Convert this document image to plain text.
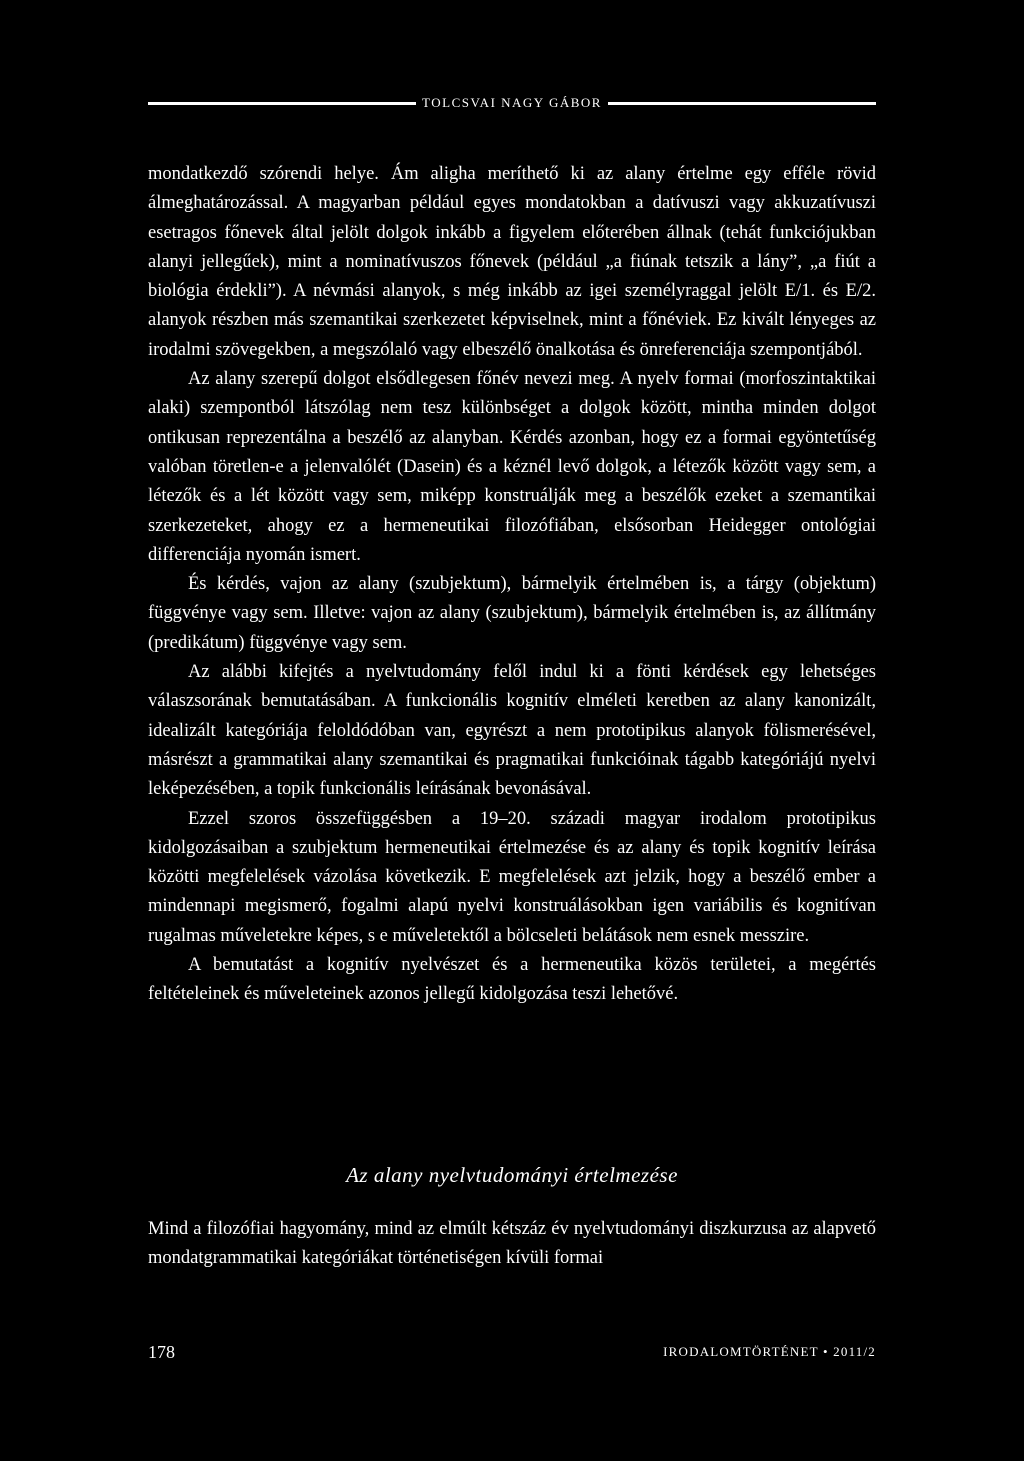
TOLCSVAI NAGY GÁBOR

mondatkezdő szórendi helye. Ám aligha meríthető ki az alany értelme egy efféle rövid álmeghatározással. A magyarban például egyes mondatokban a datívuszi vagy akkuzatívuszi esetragos főnevek által jelölt dolgok inkább a figyelem előterében állnak (tehát funkciójukban alanyi jellegűek), mint a nominatívuszos főnevek (például „a fiúnak tetszik a lány”, „a fiút a biológia érdekli”). A névmási alanyok, s még inkább az igei személyraggal jelölt E/1. és E/2. alanyok részben más szemantikai szerkezetet képviselnek, mint a főnéviek. Ez kivált lényeges az irodalmi szövegekben, a megszólaló vagy elbeszélő önalkotása és önreferenciája szempontjából.

Az alany szerepű dolgot elsődlegesen főnév nevezi meg. A nyelv formai (morfoszintaktikai alaki) szempontból látszólag nem tesz különbséget a dolgok között, mintha minden dolgot ontikusan reprezentálna a beszélő az alanyban. Kérdés azonban, hogy ez a formai egyöntetűség valóban töretlen-e a jelenvalólét (Dasein) és a kéznél levő dolgok, a létezők között vagy sem, a létezők és a lét között vagy sem, miképp konstruálják meg a beszélők ezeket a szemantikai szerkezeteket, ahogy ez a hermeneutikai filozófiában, elsősorban Heidegger ontológiai differenciája nyomán ismert.

És kérdés, vajon az alany (szubjektum), bármelyik értelmében is, a tárgy (objektum) függvénye vagy sem. Illetve: vajon az alany (szubjektum), bármelyik értelmében is, az állítmány (predikátum) függvénye vagy sem.

Az alábbi kifejtés a nyelvtudomány felől indul ki a fönti kérdések egy lehetséges válaszsorának bemutatásában. A funkcionális kognitív elméleti keretben az alany kanonizált, idealizált kategóriája feloldódóban van, egyrészt a nem prototipikus alanyok fölismerésével, másrészt a grammatikai alany szemantikai és pragmatikai funkcióinak tágabb kategóriájú nyelvi leképezésében, a topik funkcionális leírásának bevonásával.

Ezzel szoros összefüggésben a 19–20. századi magyar irodalom prototipikus kidolgozásaiban a szubjektum hermeneutikai értelmezése és az alany és topik kognitív leírása közötti megfelelések vázolása következik. E megfelelések azt jelzik, hogy a beszélő ember a mindennapi megismerő, fogalmi alapú nyelvi konstruálásokban igen variábilis és kognitívan rugalmas műveletekre képes, s e műveletektől a bölcseleti belátások nem esnek messzire.

A bemutatást a kognitív nyelvészet és a hermeneutika közös területei, a megértés feltételeinek és műveleteinek azonos jellegű kidolgozása teszi lehetővé.

Az alany nyelvtudományi értelmezése

Mind a filozófiai hagyomány, mind az elmúlt kétszáz év nyelvtudományi diszkurzusa az alapvető mondatgrammatikai kategóriákat történetiségen kívüli formai

178	IRODALOMTÖRTÉNET • 2011/2
